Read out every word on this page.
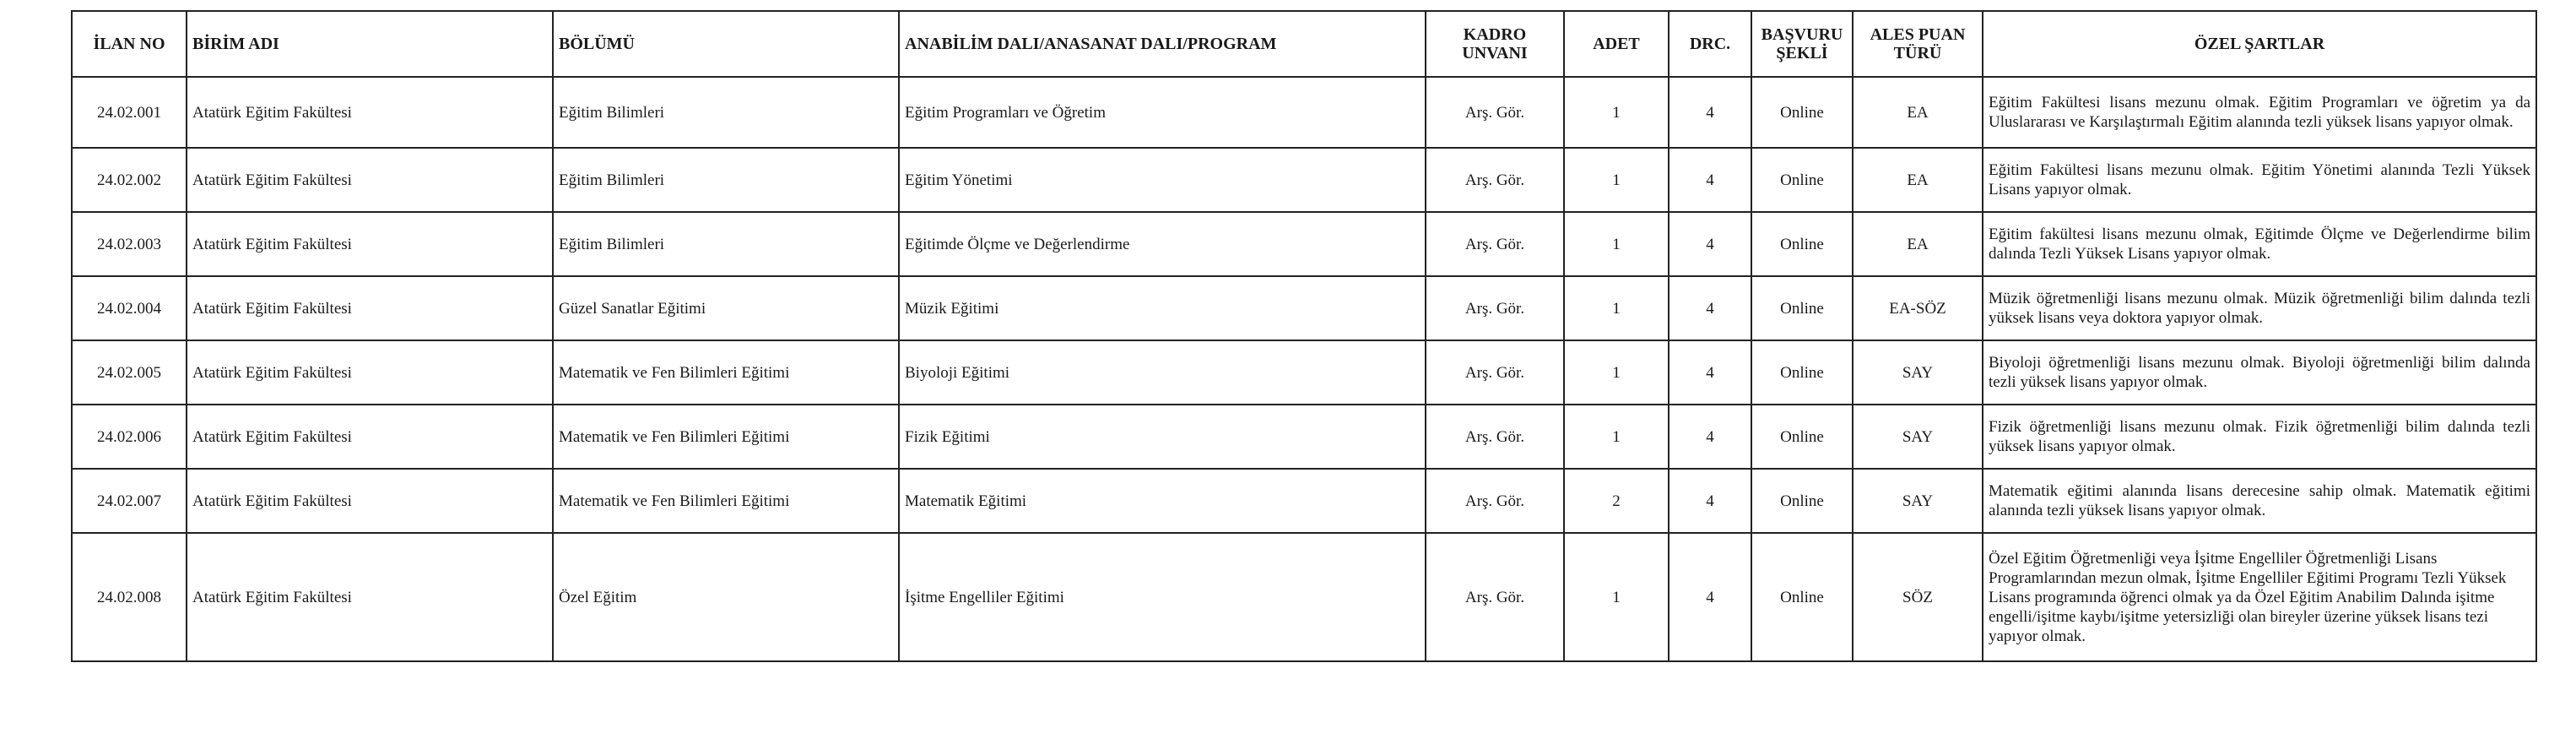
İLAN NO	BİRİM ADI	BÖLÜMÜ	ANABİLİM DALI/ANASANAT DALI/PROGRAM	KADRO UNVANI	ADET	DRC.	BAŞVURU ŞEKLİ	ALES PUAN TÜRÜ	ÖZEL ŞARTLAR
24.02.001	Atatürk Eğitim Fakültesi	Eğitim Bilimleri	Eğitim Programları ve Öğretim	Arş. Gör.	1	4	Online	EA	Eğitim Fakültesi lisans mezunu olmak. Eğitim Programları ve öğretim ya da Uluslararası ve Karşılaştırmalı Eğitim alanında tezli yüksek lisans yapıyor olmak.
24.02.002	Atatürk Eğitim Fakültesi	Eğitim Bilimleri	Eğitim Yönetimi	Arş. Gör.	1	4	Online	EA	Eğitim Fakültesi lisans mezunu olmak. Eğitim Yönetimi alanında Tezli Yüksek Lisans yapıyor olmak.
24.02.003	Atatürk Eğitim Fakültesi	Eğitim Bilimleri	Eğitimde Ölçme ve Değerlendirme	Arş. Gör.	1	4	Online	EA	Eğitim fakültesi lisans mezunu olmak, Eğitimde Ölçme ve Değerlendirme bilim dalında Tezli Yüksek Lisans yapıyor olmak.
24.02.004	Atatürk Eğitim Fakültesi	Güzel Sanatlar Eğitimi	Müzik Eğitimi	Arş. Gör.	1	4	Online	EA-SÖZ	Müzik öğretmenliği lisans mezunu olmak. Müzik öğretmenliği bilim dalında tezli yüksek lisans veya doktora yapıyor olmak.
24.02.005	Atatürk Eğitim Fakültesi	Matematik ve Fen Bilimleri Eğitimi	Biyoloji Eğitimi	Arş. Gör.	1	4	Online	SAY	Biyoloji öğretmenliği lisans mezunu olmak. Biyoloji öğretmenliği bilim dalında tezli yüksek lisans yapıyor olmak.
24.02.006	Atatürk Eğitim Fakültesi	Matematik ve Fen Bilimleri Eğitimi	Fizik Eğitimi	Arş. Gör.	1	4	Online	SAY	Fizik öğretmenliği lisans mezunu olmak. Fizik öğretmenliği bilim dalında tezli yüksek lisans yapıyor olmak.
24.02.007	Atatürk Eğitim Fakültesi	Matematik ve Fen Bilimleri Eğitimi	Matematik Eğitimi	Arş. Gör.	2	4	Online	SAY	Matematik eğitimi alanında lisans derecesine sahip olmak. Matematik eğitimi alanında tezli yüksek lisans yapıyor olmak.
24.02.008	Atatürk Eğitim Fakültesi	Özel Eğitim	İşitme Engelliler Eğitimi	Arş. Gör.	1	4	Online	SÖZ	Özel Eğitim Öğretmenliği veya İşitme Engelliler Öğretmenliği Lisans Programlarından mezun olmak, İşitme Engelliler Eğitimi Programı Tezli Yüksek Lisans programında öğrenci olmak ya da Özel Eğitim Anabilim Dalında işitme engelli/işitme kaybı/işitme yetersizliği olan bireyler üzerine yüksek lisans tezi yapıyor olmak.
